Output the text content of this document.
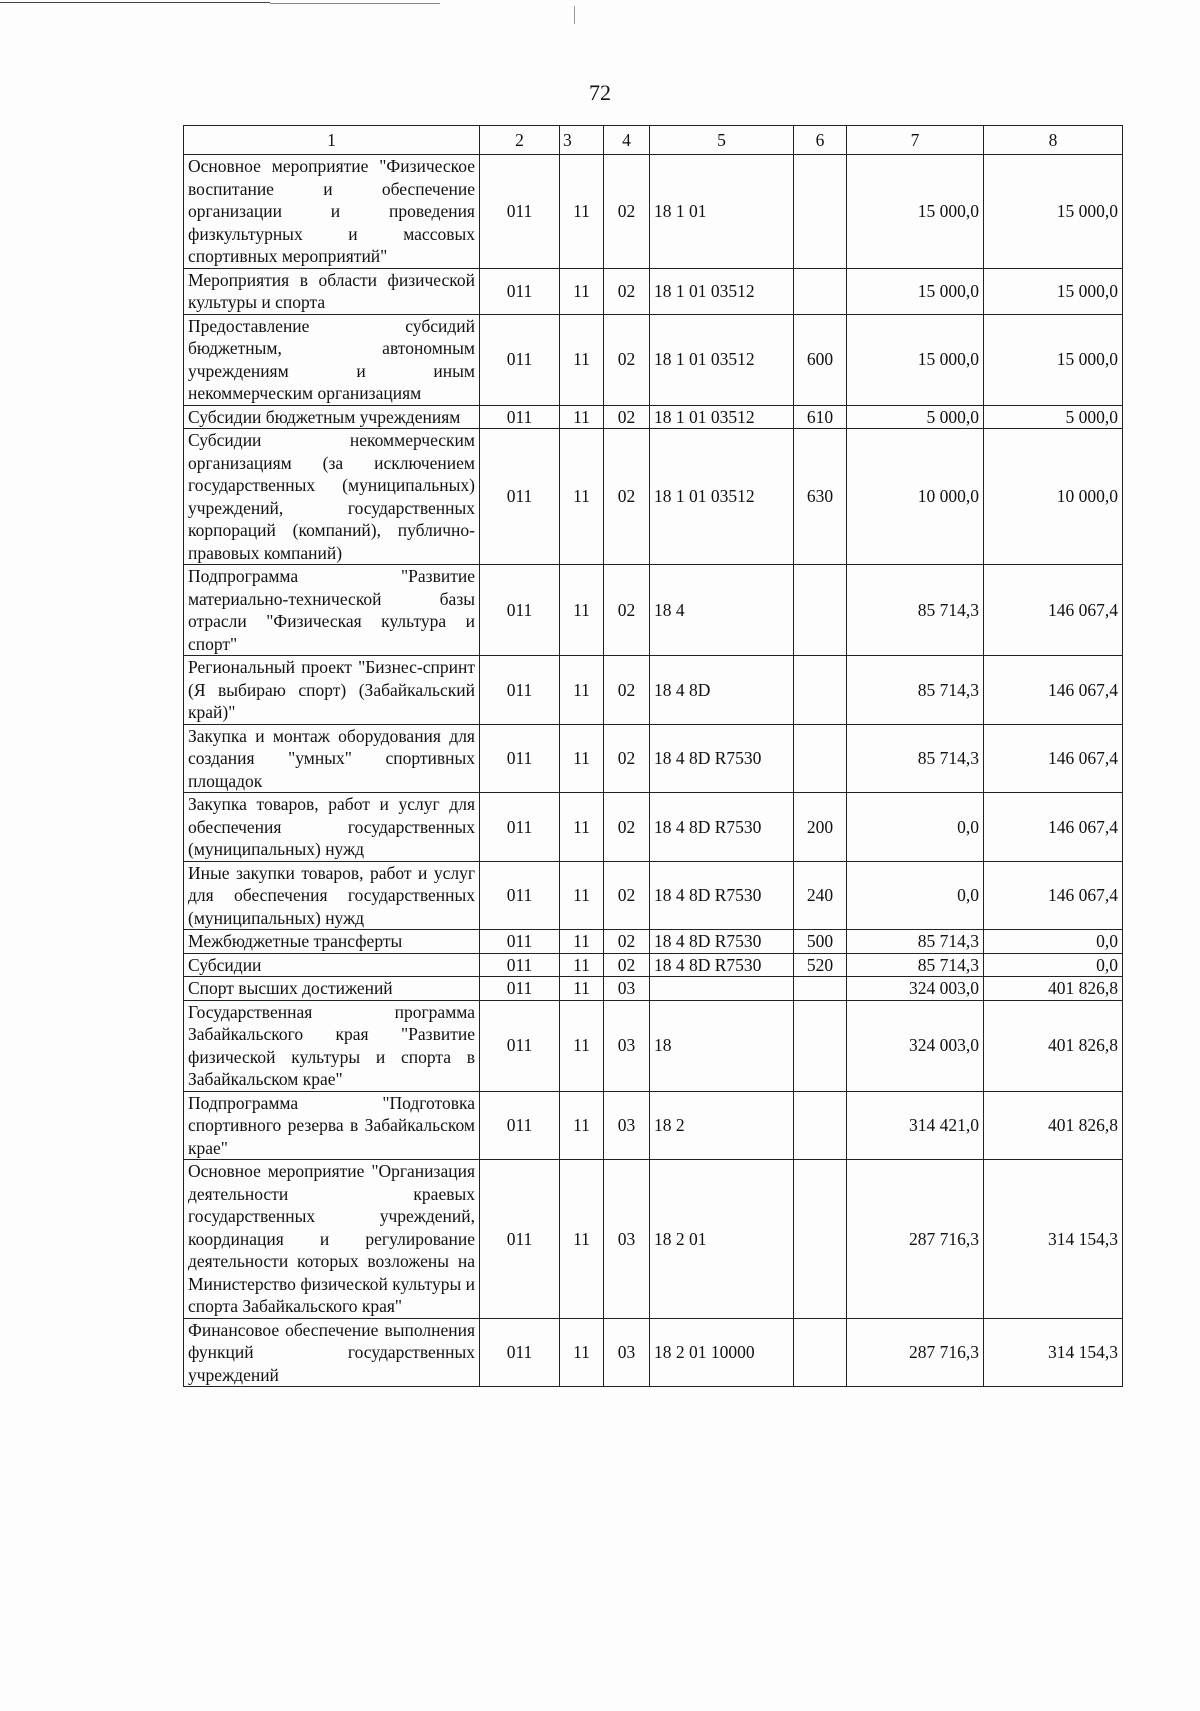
72
1	2	3	4	5	6	7	8
Основное мероприятие "Физическое воспитание и обеспечение организации и проведения физкультурных и массовых спортивных мероприятий"	011	11	02	18 1 01		15 000,0	15 000,0
Мероприятия в области физической культуры и спорта	011	11	02	18 1 01 03512		15 000,0	15 000,0
Предоставление субсидий бюджетным, автономным учреждениям и иным некоммерческим организациям	011	11	02	18 1 01 03512	600	15 000,0	15 000,0
Субсидии бюджетным учреждениям	011	11	02	18 1 01 03512	610	5 000,0	5 000,0
Субсидии некоммерческим организациям (за исключением государственных (муниципальных) учреждений, государственных корпораций (компаний), публично-правовых компаний)	011	11	02	18 1 01 03512	630	10 000,0	10 000,0
Подпрограмма "Развитие материально-технической базы отрасли "Физическая культура и спорт"	011	11	02	18 4		85 714,3	146 067,4
Региональный проект "Бизнес-спринт (Я выбираю спорт) (Забайкальский край)"	011	11	02	18 4 8D		85 714,3	146 067,4
Закупка и монтаж оборудования для создания "умных" спортивных площадок	011	11	02	18 4 8D R7530		85 714,3	146 067,4
Закупка товаров, работ и услуг для обеспечения государственных (муниципальных) нужд	011	11	02	18 4 8D R7530	200	0,0	146 067,4
Иные закупки товаров, работ и услуг для обеспечения государственных (муниципальных) нужд	011	11	02	18 4 8D R7530	240	0,0	146 067,4
Межбюджетные трансферты	011	11	02	18 4 8D R7530	500	85 714,3	0,0
Субсидии	011	11	02	18 4 8D R7530	520	85 714,3	0,0
Спорт высших достижений	011	11	03			324 003,0	401 826,8
Государственная программа Забайкальского края "Развитие физической культуры и спорта в Забайкальском крае"	011	11	03	18		324 003,0	401 826,8
Подпрограмма "Подготовка спортивного резерва в Забайкальском крае"	011	11	03	18 2		314 421,0	401 826,8
Основное мероприятие "Организация деятельности краевых государственных учреждений, координация и регулирование деятельности которых возложены на Министерство физической культуры и спорта Забайкальского края"	011	11	03	18 2 01		287 716,3	314 154,3
Финансовое обеспечение выполнения функций государственных учреждений	011	11	03	18 2 01 10000		287 716,3	314 154,3
